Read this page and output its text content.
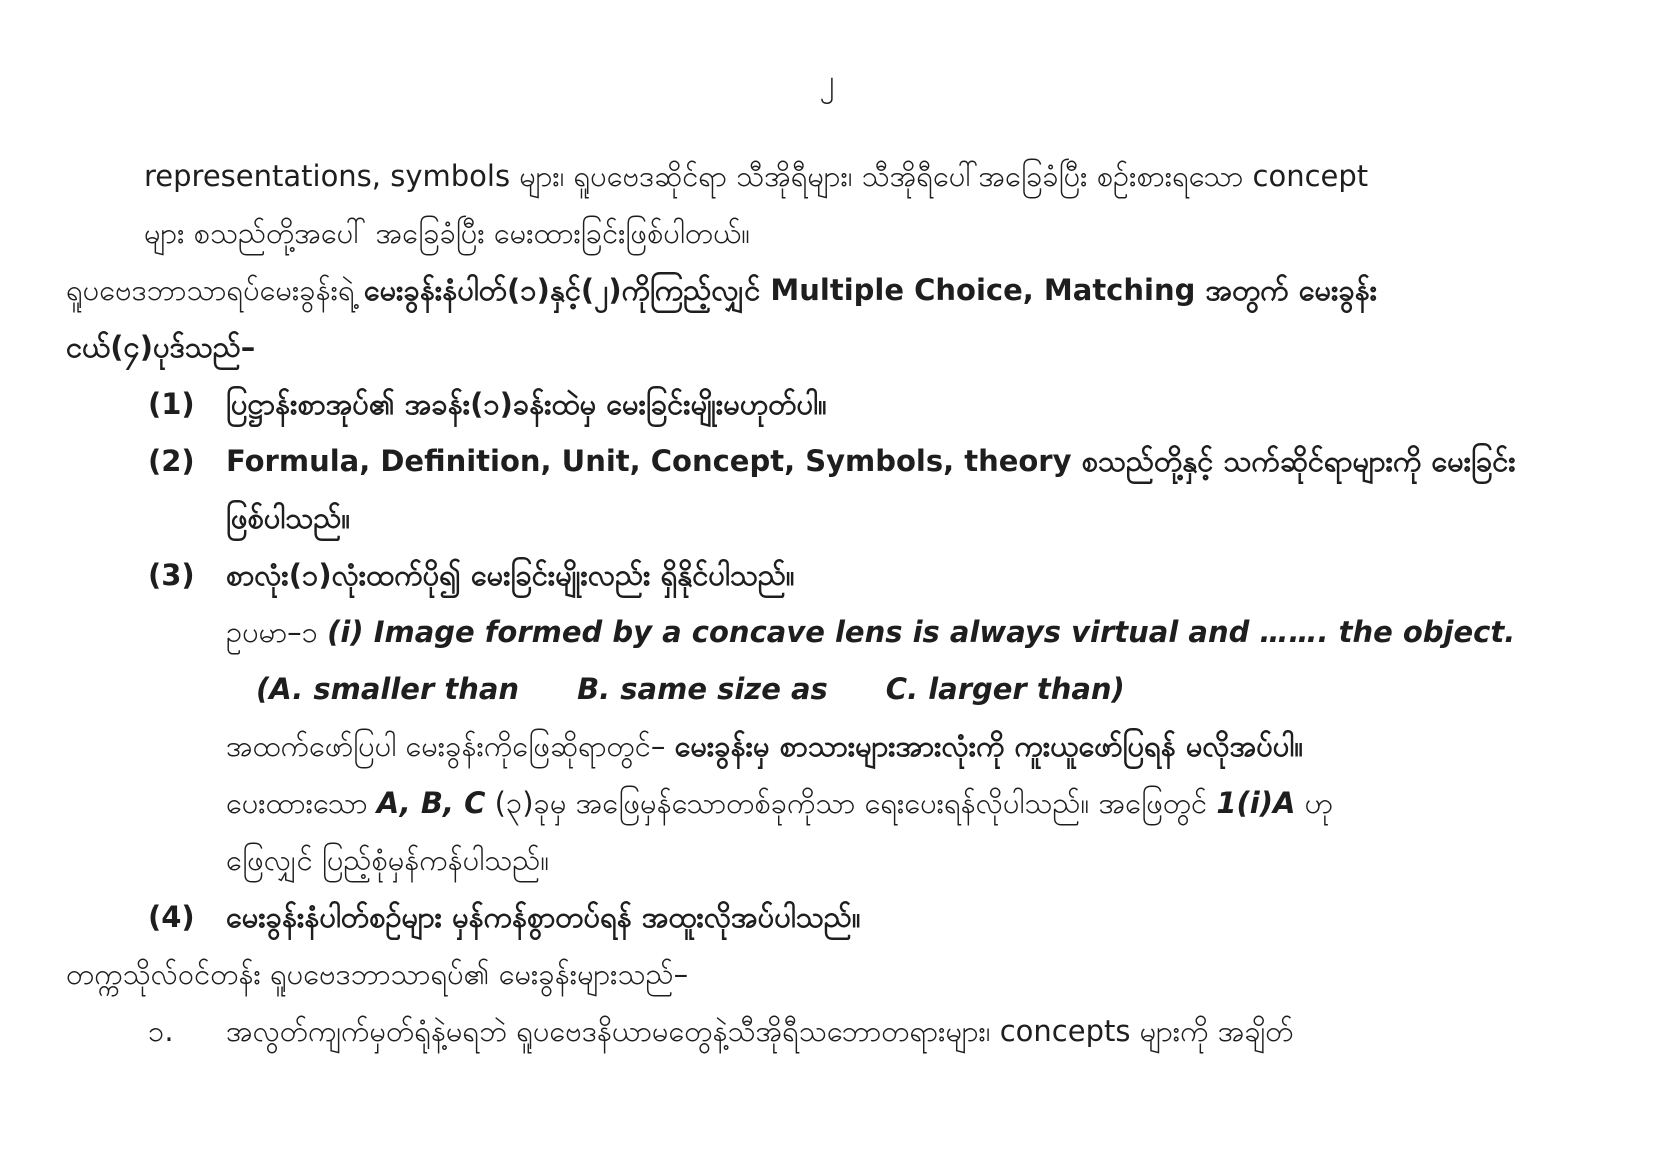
၂
representations, symbols များ၊ ရူပဗေဒဆိုင်ရာ သီအိုရီများ၊ သီအိုရီပေါ်အခြေခံပြီး စဉ်းစားရသော concept
များ စသည်တို့အပေါ် အခြေခံပြီး မေးထားခြင်းဖြစ်ပါတယ်။
ရူပဗေဒဘာသာရပ်မေးခွန်းရဲ့ မေးခွန်းနံပါတ်(၁)နှင့်(၂)ကိုကြည့်လျှင် Multiple Choice, Matching အတွက် မေးခွန်း
ငယ်(၄)ပုဒ်သည်–
(1) ပြဋ္ဌာန်းစာအုပ်၏ အခန်း(၁)ခန်းထဲမှ မေးခြင်းမျိုးမဟုတ်ပါ။
(2) Formula, Definition, Unit, Concept, Symbols, theory စသည်တို့နှင့် သက်ဆိုင်ရာများကို မေးခြင်း
ဖြစ်ပါသည်။
(3) စာလုံး(၁)လုံးထက်ပို၍ မေးခြင်းမျိုးလည်း ရှိနိုင်ပါသည်။
ဥပမာ–၁ (i) Image formed by a concave lens is always virtual and ……. the object.
(A. smaller than B. same size as C. larger than)
အထက်ဖော်ပြပါ မေးခွန်းကိုဖြေဆိုရာတွင်– မေးခွန်းမှ စာသားများအားလုံးကို ကူးယူဖော်ပြရန် မလိုအပ်ပါ။
ပေးထားသော A, B, C (၃)ခုမှ အဖြေမှန်သောတစ်ခုကိုသာ ရေးပေးရန်လိုပါသည်။ အဖြေတွင် 1(i)A ဟု
ဖြေလျှင် ပြည့်စုံမှန်ကန်ပါသည်။
(4) မေးခွန်းနံပါတ်စဉ်များ မှန်ကန်စွာတပ်ရန် အထူးလိုအပ်ပါသည်။
တက္ကသိုလ်ဝင်တန်း ရူပဗေဒဘာသာရပ်၏ မေးခွန်းများသည်–
၁. အလွတ်ကျက်မှတ်ရုံနဲ့မရဘဲ ရူပဗေဒနိယာမတွေနဲ့သီအိုရီသဘောတရားများ၊ concepts များကို အချိတ်
